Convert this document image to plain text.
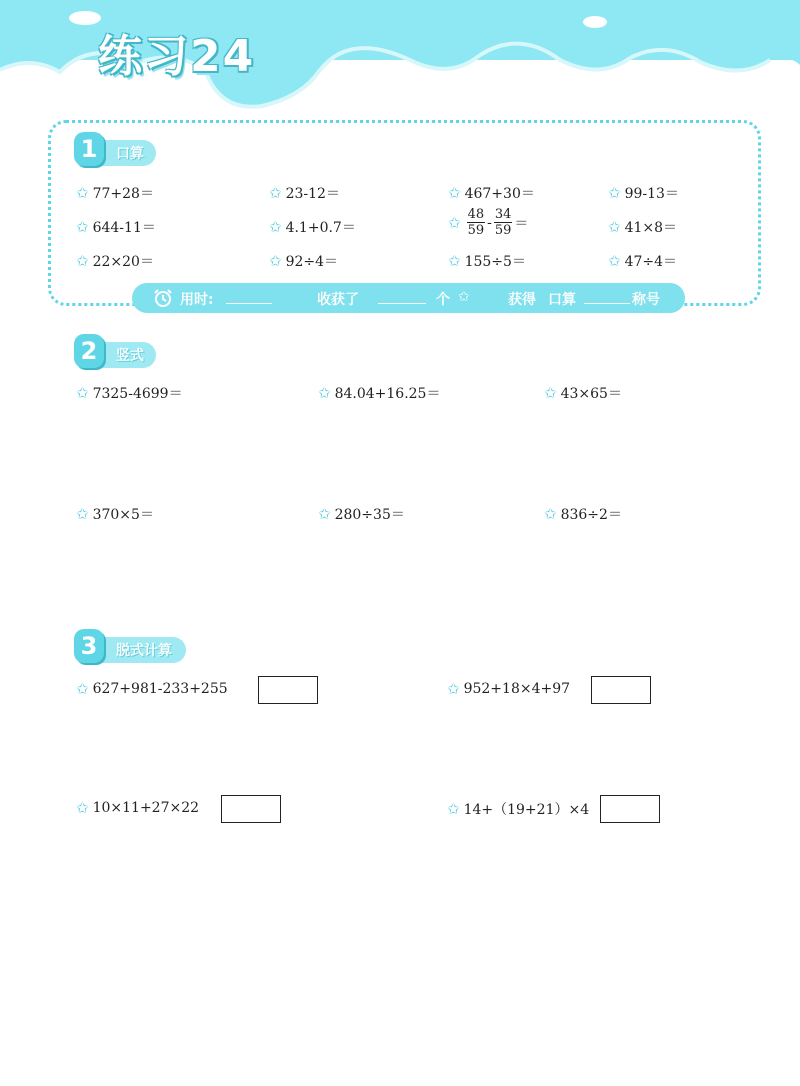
练习24
1	口算
✩ 77+28＝	✩ 23-12＝	✩ 467+30＝	✩ 99-13＝
✩ 644-11＝	✩ 4.1+0.7＝	✩ $\frac{48}{59} - \frac{34}{59}$ ＝	✩ 41×8＝
✩ 22×20＝	✩ 92÷4＝	✩ 155÷5＝	✩ 47÷4＝
用时:	收获了	个 ✩	获得 口算	称号
2	竖式
✩ 7325-4699＝	✩ 84.04+16.25＝	✩ 43×65＝
✩ 370×5＝	✩ 280÷35＝	✩ 836÷2＝
3	脱式计算
✩ 627+981-233+255	✩ 952+18×4+97
✩ 10×11+27×22	✩ 14+（19+21）×4
